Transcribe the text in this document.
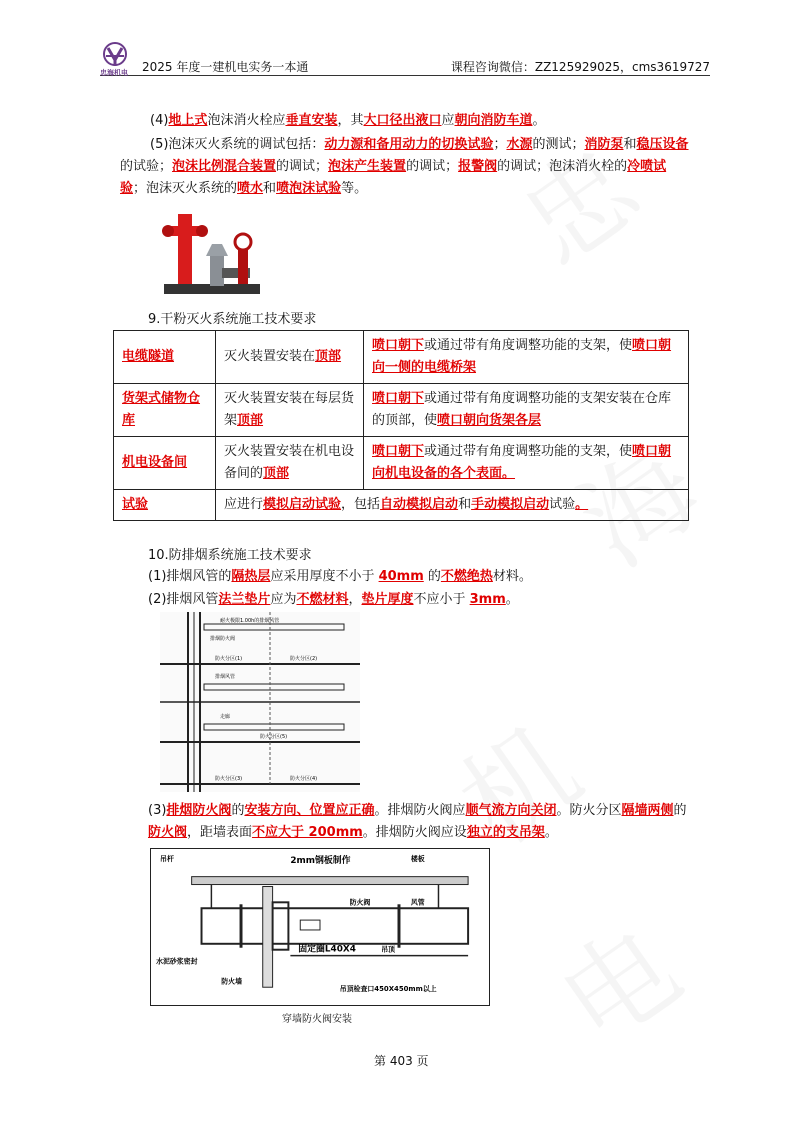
忠海机电	2025 年度一建机电实务一本通	课程咨询微信：ZZ125929025，cms3619727
(4)地上式泡沫消火栓应垂直安装，其大口径出液口应朝向消防车道。
(5)泡沫灭火系统的调试包括：动力源和备用动力的切换试验；水源的测试；消防泵和稳压设备的试验；泡沫比例混合装置的调试；泡沫产生装置的调试；报警阀的调试；泡沫消火栓的冷喷试验；泡沫灭火系统的喷水和喷泡沫试验等。
9.干粉灭火系统施工技术要求
电缆隧道	灭火装置安装在顶部	喷口朝下或通过带有角度调整功能的支架，使喷口朝向一侧的电缆桥架
货架式储物仓库	灭火装置安装在每层货架顶部	喷口朝下或通过带有角度调整功能的支架安装在仓库的顶部，使喷口朝向货架各层
机电设备间	灭火装置安装在机电设备间的顶部	喷口朝下或通过带有角度调整功能的支架，使喷口朝向机电设备的各个表面。
试验	应进行模拟启动试验，包括自动模拟启动和手动模拟启动试验。	
10.防排烟系统施工技术要求
(1)排烟风管的隔热层应采用厚度不小于 40mm 的不燃绝热材料。
(2)排烟风管法兰垫片应为不燃材料，垫片厚度不应小于 3mm。
耐火极限1.00h的排烟风管
排烟防火阀
防火分区(1)	防火分区(2)
防火分区(3)	防火分区(4)
防火分区(5)
走廊
排烟风管
(3)排烟防火阀的安装方向、位置应正确。排烟防火阀应顺气流方向关闭。防火分区隔墙两侧的防火阀，距墙表面不应大于 200mm。排烟防火阀应设独立的支吊架。
吊杆	2mm钢板制作	楼板
防火阀	风管
固定圈L40X4	吊顶
水泥砂浆密封
防火墙
吊顶检查口450X450mm以上
穿墙防火阀安装
第 403 页
